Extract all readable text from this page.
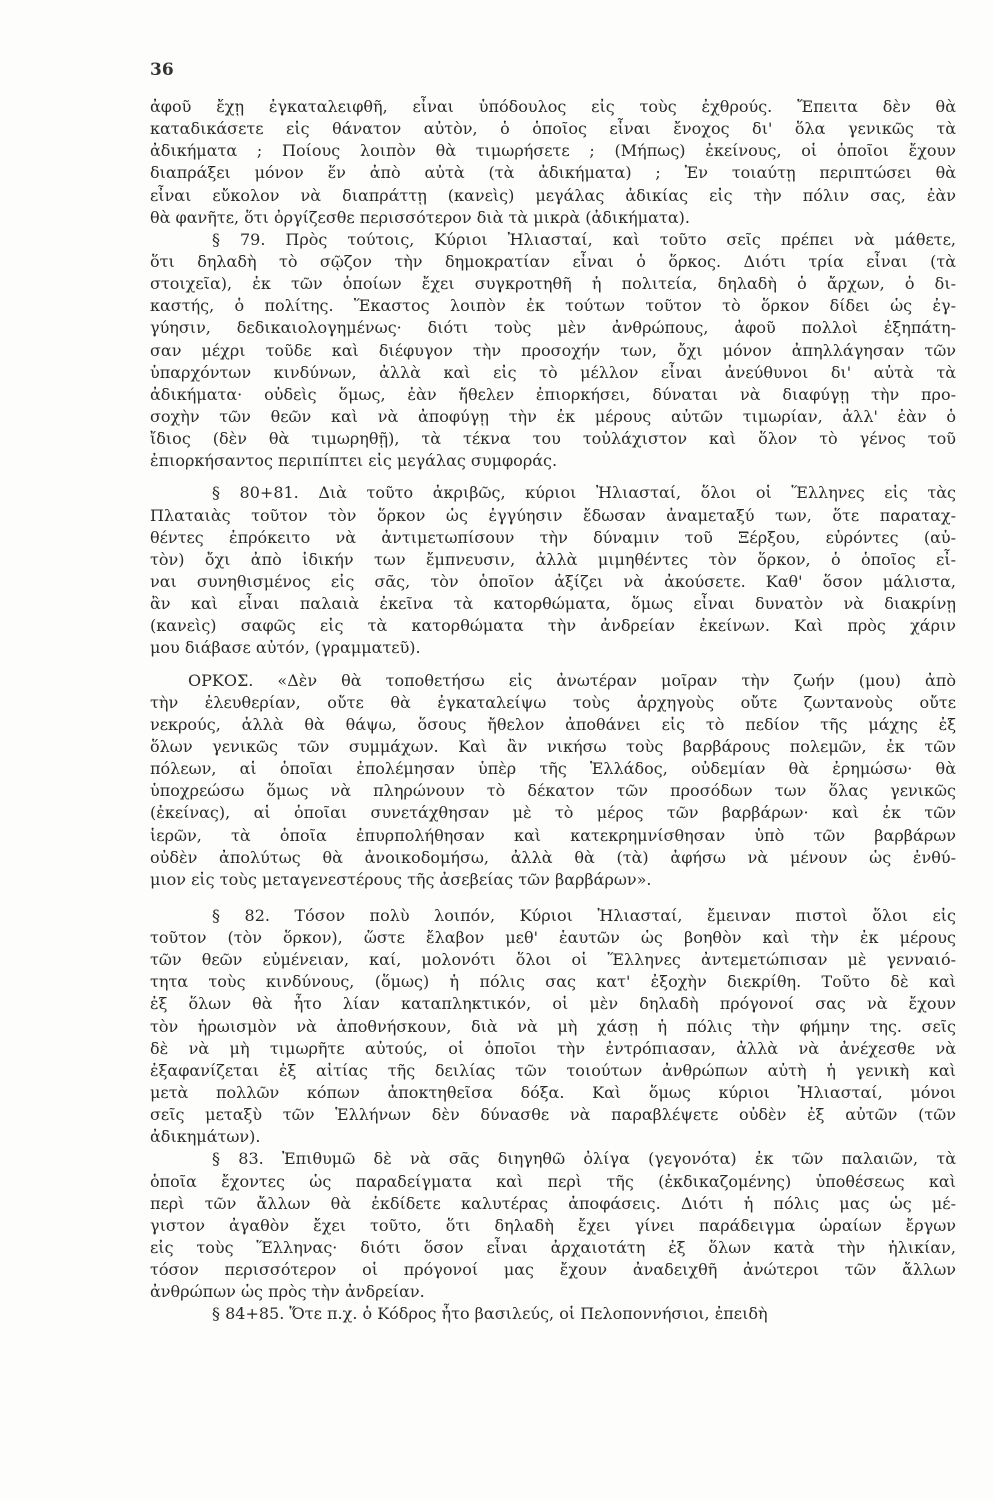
36
ἀφοῦ ἔχῃ ἐγκαταλειφθῆ, εἶναι ὑπόδουλος εἰς τοὺς ἐχθρούς. Ἔπειτα δὲν θὰ
καταδικάσετε εἰς θάνατον αὐτὸν, ὁ ὁποῖος εἶναι ἔνοχος δι' ὅλα γενικῶς τὰ
ἀδικήματα ; Ποίους λοιπὸν θὰ τιμωρήσετε ; (Μήπως) ἐκείνους, οἱ ὁποῖοι ἔχουν
διαπράξει μόνον ἕν ἀπὸ αὐτὰ (τὰ ἀδικήματα) ; Ἐν τοιαύτῃ περιπτώσει θὰ
εἶναι εὔκολον νὰ διαπράττῃ (κανεὶς) μεγάλας ἀδικίας εἰς τὴν πόλιν σας, ἐὰν
θὰ φανῆτε, ὅτι ὀργίζεσθε περισσότερον διὰ τὰ μικρὰ (ἀδικήματα).
§ 79. Πρὸς τούτοις, Κύριοι Ἠλιασταί, καὶ τοῦτο σεῖς πρέπει νὰ μάθετε,
ὅτι δηλαδὴ τὸ σῷζον τὴν δημοκρατίαν εἶναι ὁ ὅρκος. Διότι τρία εἶναι (τὰ
στοιχεῖα), ἐκ τῶν ὁποίων ἔχει συγκροτηθῆ ἡ πολιτεία, δηλαδὴ ὁ ἄρχων, ὁ δι-
καστής, ὁ πολίτης. Ἕκαστος λοιπὸν ἐκ τούτων τοῦτον τὸ ὅρκον δίδει ὡς ἐγ-
γύησιν, δεδικαιολογημένως· διότι τοὺς μὲν ἀνθρώπους, ἀφοῦ πολλοὶ ἐξηπάτη-
σαν μέχρι τοῦδε καὶ διέφυγον τὴν προσοχήν των, ὄχι μόνον ἀπηλλάγησαν τῶν
ὑπαρχόντων κινδύνων, ἀλλὰ καὶ εἰς τὸ μέλλον εἶναι ἀνεύθυνοι δι' αὐτὰ τὰ
ἀδικήματα· οὐδεὶς ὅμως, ἐὰν ἤθελεν ἐπιορκήσει, δύναται νὰ διαφύγῃ τὴν προ-
σοχὴν τῶν θεῶν καὶ νὰ ἀποφύγῃ τὴν ἐκ μέρους αὐτῶν τιμωρίαν, ἀλλ' ἐὰν ὁ
ἴδιος (δὲν θὰ τιμωρηθῇ), τὰ τέκνα του τοὐλάχιστον καὶ ὅλον τὸ γένος τοῦ
ἐπιορκήσαντος περιπίπτει εἰς μεγάλας συμφοράς.
§ 80+81. Διὰ τοῦτο ἀκριβῶς, κύριοι Ἠλιασταί, ὅλοι οἱ Ἕλληνες εἰς τὰς
Πλαταιὰς τοῦτον τὸν ὅρκον ὡς ἐγγύησιν ἔδωσαν ἀναμεταξύ των, ὅτε παραταχ-
θέντες ἐπρόκειτο νὰ ἀντιμετωπίσουν τὴν δύναμιν τοῦ Ξέρξου, εὑρόντες (αὐ-
τὸν) ὄχι ἀπὸ ἰδικήν των ἔμπνευσιν, ἀλλὰ μιμηθέντες τὸν ὅρκον, ὁ ὁποῖος εἶ-
ναι συνηθισμένος εἰς σᾶς, τὸν ὁποῖον ἀξίζει νὰ ἀκούσετε. Καθ' ὅσον μάλιστα,
ἂν καὶ εἶναι παλαιὰ ἐκεῖνα τὰ κατορθώματα, ὅμως εἶναι δυνατὸν νὰ διακρίνῃ
(κανεὶς) σαφῶς εἰς τὰ κατορθώματα τὴν ἀνδρείαν ἐκείνων. Καὶ πρὸς χάριν
μου διάβασε αὐτόν, (γραμματεῦ).
ΟΡΚΟΣ. «Δὲν θὰ τοποθετήσω εἰς ἀνωτέραν μοῖραν τὴν ζωήν (μου) ἀπὸ
τὴν ἐλευθερίαν, οὔτε θὰ ἐγκαταλείψω τοὺς ἀρχηγοὺς οὔτε ζωντανοὺς οὔτε
νεκρούς, ἀλλὰ θὰ θάψω, ὅσους ἤθελον ἀποθάνει εἰς τὸ πεδίον τῆς μάχης ἐξ
ὅλων γενικῶς τῶν συμμάχων. Καὶ ἂν νικήσω τοὺς βαρβάρους πολεμῶν, ἐκ τῶν
πόλεων, αἱ ὁποῖαι ἐπολέμησαν ὑπὲρ τῆς Ἑλλάδος, οὐδεμίαν θὰ ἐρημώσω· θὰ
ὑποχρεώσω ὅμως νὰ πληρώνουν τὸ δέκατον τῶν προσόδων των ὅλας γενικῶς
(ἐκείνας), αἱ ὁποῖαι συνετάχθησαν μὲ τὸ μέρος τῶν βαρβάρων· καὶ ἐκ τῶν
ἱερῶν, τὰ ὁποῖα ἐπυρπολήθησαν καὶ κατεκρημνίσθησαν ὑπὸ τῶν βαρβάρων
οὐδὲν ἀπολύτως θὰ ἀνοικοδομήσω, ἀλλὰ θὰ (τὰ) ἀφήσω νὰ μένουν ὡς ἐνθύ-
μιον εἰς τοὺς μεταγενεστέρους τῆς ἀσεβείας τῶν βαρβάρων».
§ 82. Τόσον πολὺ λοιπόν, Κύριοι Ἠλιασταί, ἔμειναν πιστοὶ ὅλοι εἰς
τοῦτον (τὸν ὅρκον), ὥστε ἔλαβον μεθ' ἑαυτῶν ὡς βοηθὸν καὶ τὴν ἐκ μέρους
τῶν θεῶν εὐμένειαν, καί, μολονότι ὅλοι οἱ Ἕλληνες ἀντεμετώπισαν μὲ γενναιό-
τητα τοὺς κινδύνους, (ὅμως) ἡ πόλις σας κατ' ἐξοχὴν διεκρίθη. Τοῦτο δὲ καὶ
ἐξ ὅλων θὰ ἦτο λίαν καταπληκτικόν, οἱ μὲν δηλαδὴ πρόγονοί σας νὰ ἔχουν
τὸν ἡρωισμὸν νὰ ἀποθνήσκουν, διὰ νὰ μὴ χάσῃ ἡ πόλις τὴν φήμην της. σεῖς
δὲ νὰ μὴ τιμωρῆτε αὐτούς, οἱ ὁποῖοι τὴν ἐντρόπιασαν, ἀλλὰ νὰ ἀνέχεσθε νὰ
ἐξαφανίζεται ἐξ αἰτίας τῆς δειλίας τῶν τοιούτων ἀνθρώπων αὐτὴ ἡ γενικὴ καὶ
μετὰ πολλῶν κόπων ἀποκτηθεῖσα δόξα. Καὶ ὅμως κύριοι Ἠλιασταί, μόνοι
σεῖς μεταξὺ τῶν Ἑλλήνων δὲν δύνασθε νὰ παραβλέψετε οὐδὲν ἐξ αὐτῶν (τῶν
ἀδικημάτων).
§ 83. Ἐπιθυμῶ δὲ νὰ σᾶς διηγηθῶ ὀλίγα (γεγονότα) ἐκ τῶν παλαιῶν, τὰ
ὁποῖα ἔχοντες ὡς παραδείγματα καὶ περὶ τῆς (ἐκδικαζομένης) ὑποθέσεως καὶ
περὶ τῶν ἄλλων θὰ ἐκδίδετε καλυτέρας ἀποφάσεις. Διότι ἡ πόλις μας ὡς μέ-
γιστον ἀγαθὸν ἔχει τοῦτο, ὅτι δηλαδὴ ἔχει γίνει παράδειγμα ὡραίων ἔργων
εἰς τοὺς Ἕλληνας· διότι ὅσον εἶναι ἀρχαιοτάτη ἐξ ὅλων κατὰ τὴν ἡλικίαν,
τόσον περισσότερον οἱ πρόγονοί μας ἔχουν ἀναδειχθῆ ἀνώτεροι τῶν ἄλλων
ἀνθρώπων ὡς πρὸς τὴν ἀνδρείαν.
§ 84+85. Ὅτε π.χ. ὁ Κόδρος ἦτο βασιλεύς, οἱ Πελοποννήσιοι, ἐπειδὴ
